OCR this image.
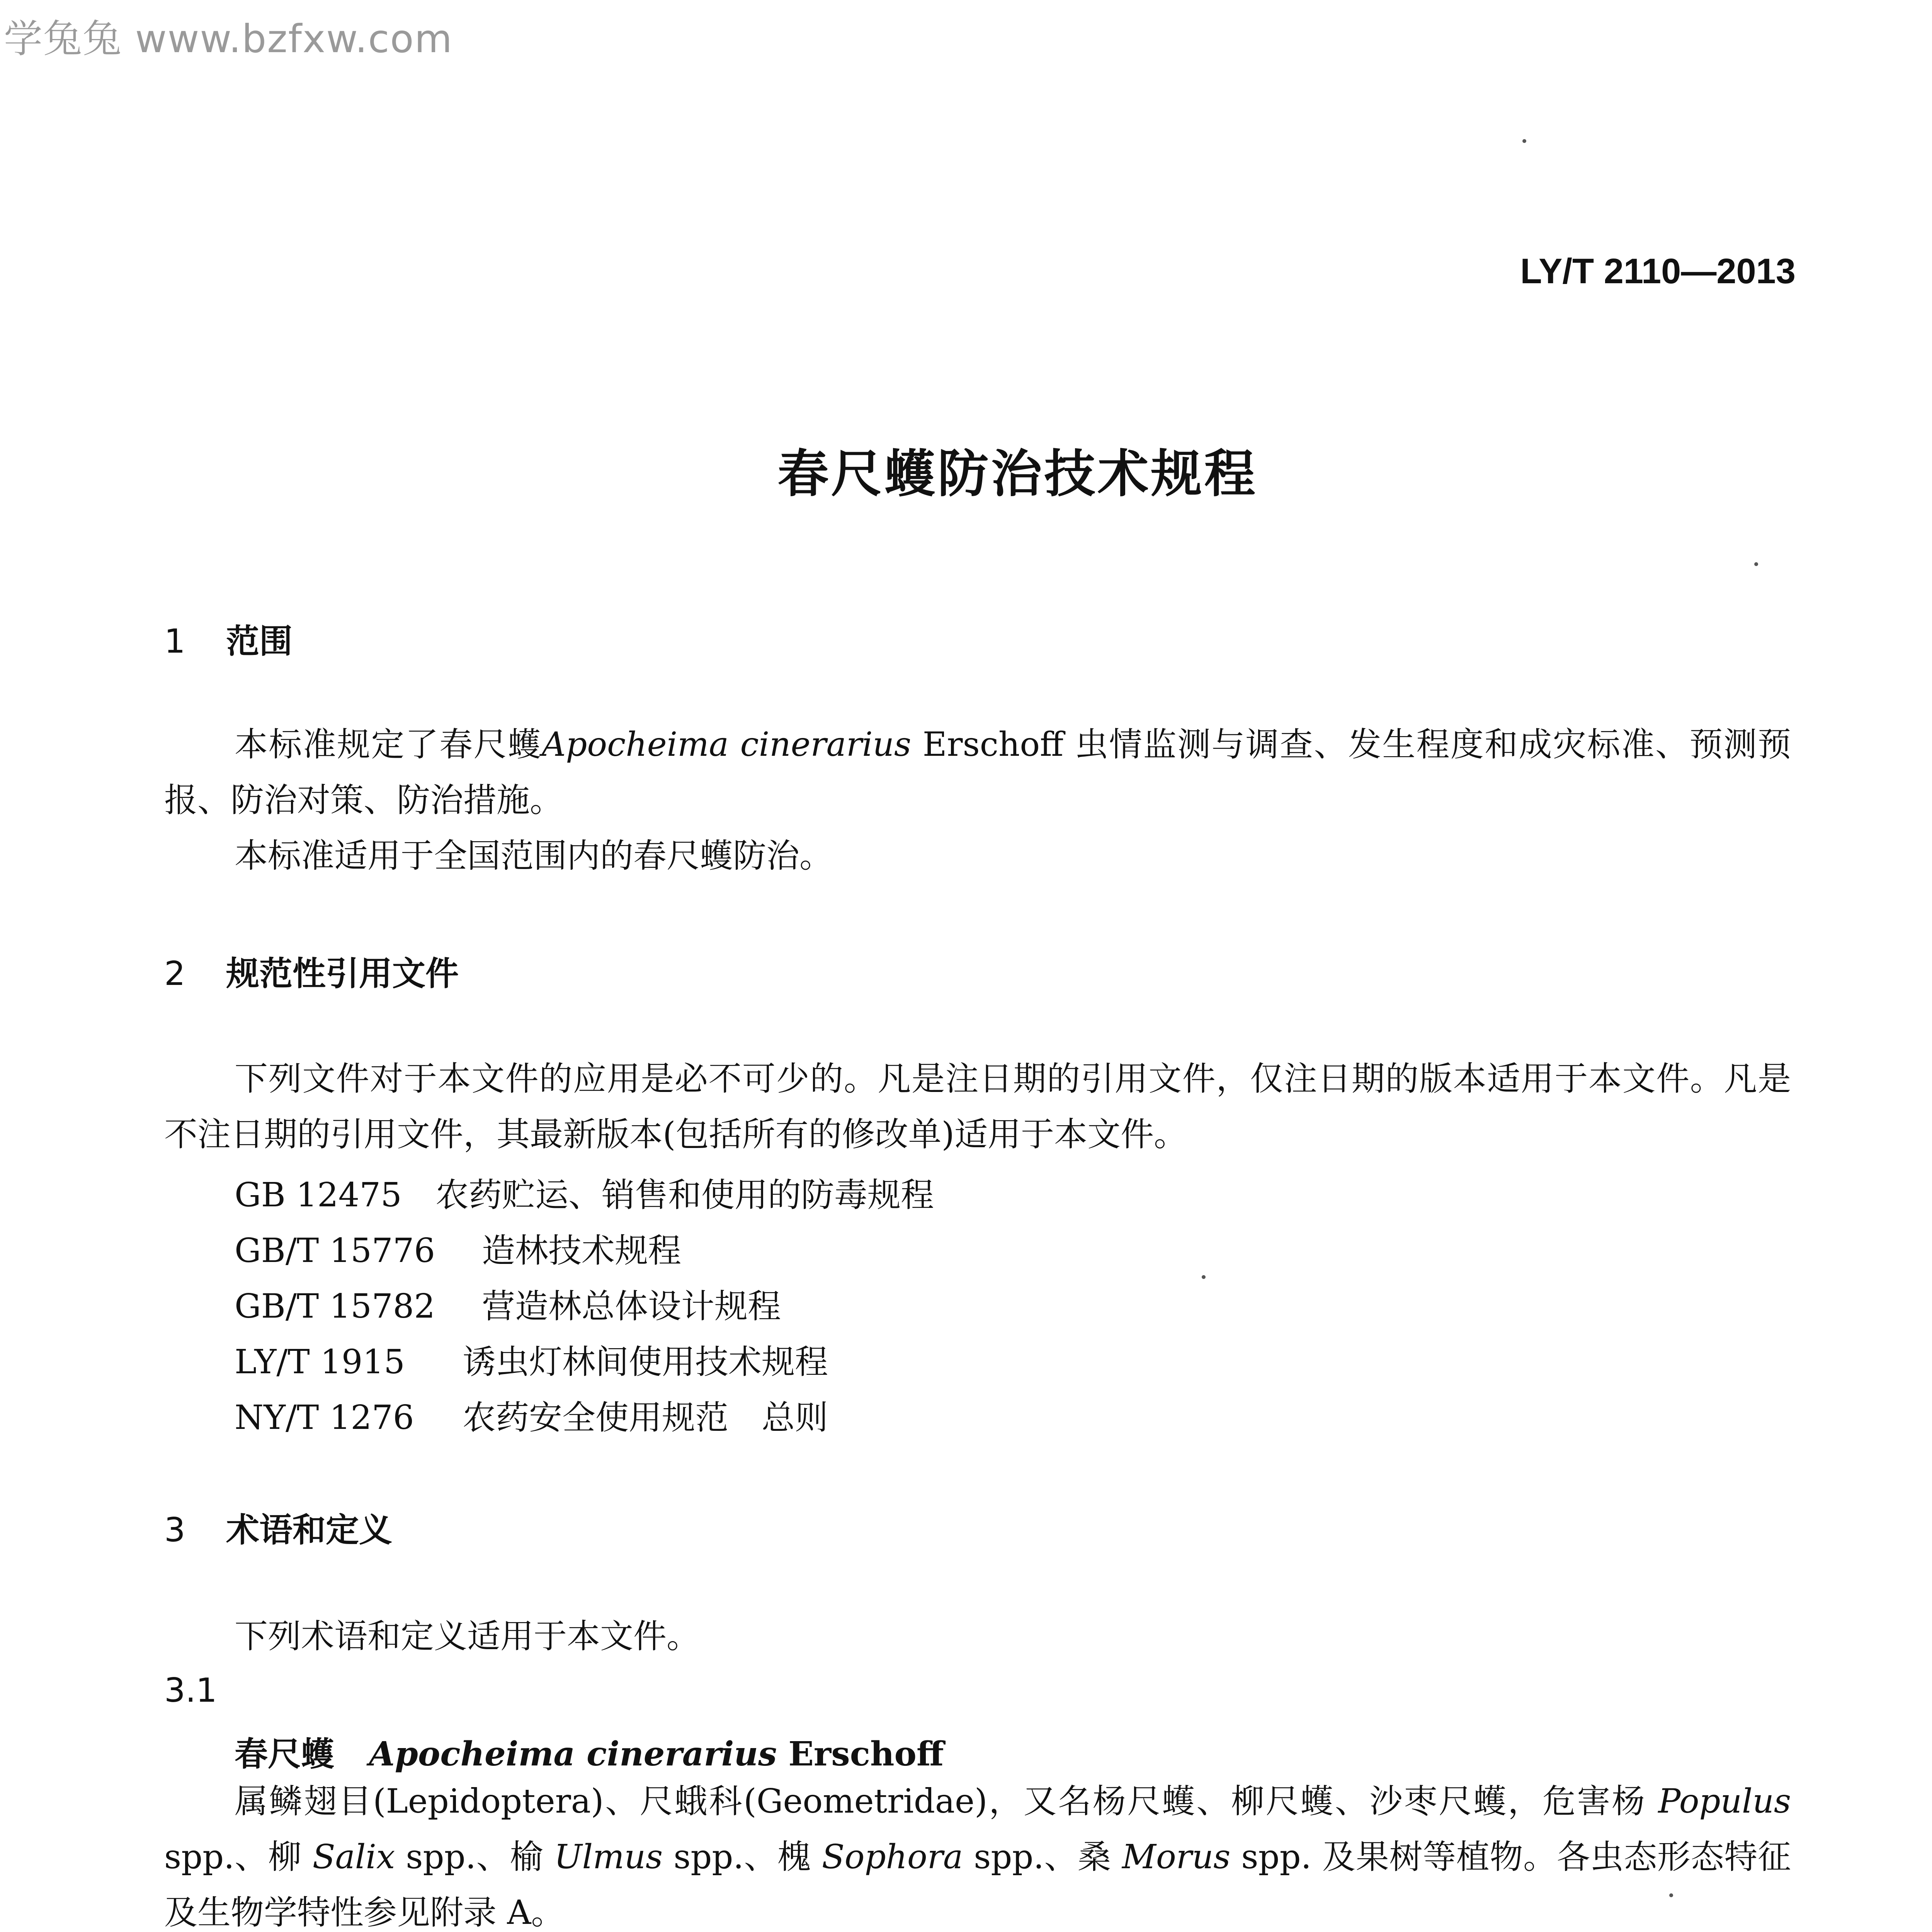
学兔兔 www.bzfxw.com
LY/T 2110—2013
春尺蠖防治技术规程
1 范围
本标准规定了春尺蠖Apocheima cinerarius Erschoff 虫情监测与调查、发生程度和成灾标准、预测预报、防治对策、防治措施。
本标准适用于全国范围内的春尺蠖防治。
2 规范性引用文件
下列文件对于本文件的应用是必不可少的。凡是注日期的引用文件，仅注日期的版本适用于本文件。凡是不注日期的引用文件，其最新版本(包括所有的修改单)适用于本文件。
GB 12475 农药贮运、销售和使用的防毒规程
GB/T 15776 造林技术规程
GB/T 15782 营造林总体设计规程
LY/T 1915 诱虫灯林间使用技术规程
NY/T 1276 农药安全使用规范　总则
3 术语和定义
下列术语和定义适用于本文件。
3.1
春尺蠖 Apocheima cinerarius Erschoff
属鳞翅目(Lepidoptera)、尺蛾科(Geometridae)，又名杨尺蠖、柳尺蠖、沙枣尺蠖，危害杨 Populus spp.、柳 Salix spp.、榆 Ulmus spp.、槐 Sophora spp.、桑 Morus spp. 及果树等植物。各虫态形态特征及生物学特性参见附录 A。
